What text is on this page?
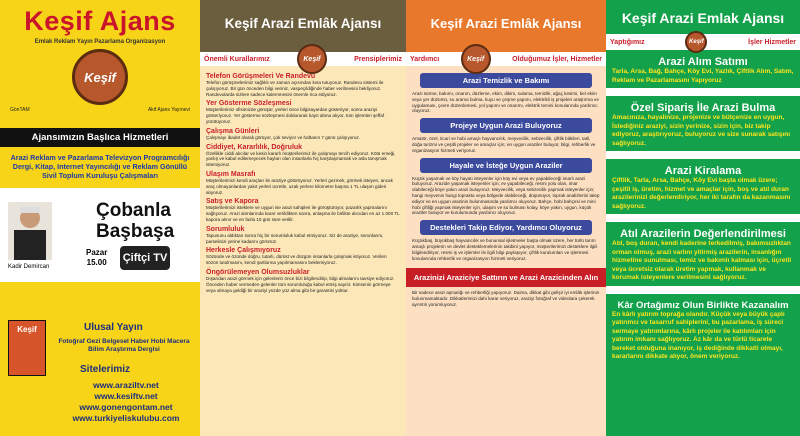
Keşif Ajans
Emlak Reklam Yayın Pazarlama Organizasyon
Keşif
GönTAM	Akif Ajans Yayınevi
Ajansımızın Başlıca Hizmetleri
Arazi Reklam ve Pazarlama Televizyon Programcılığı Dergi, Kitap, Internet Yayıncılığı ve Reklam Gönüllü Sivil Toplum Kuruluşu Çalışmaları
Çobanla Başbaşa
Pazar
15.00 Çiftçi TV
Kadir Demircan
Keşif	Ulusal Yayın
Fotoğraf Gezi Belgesel Haber Hobi Macera Bilim Araştırma Dergisi
Sitelerimiz
www.araziltv.net
www.kesiftv.net
www.gonengontam.net
www.turkiyeliskulubu.com
Keşif Arazi Emlâk Ajansı
Önemli Kurallarımız	Keşif	Prensiplerimiz
Telefon Görüşmeleri Ve Randevu
Telefon görüşmelerimiz sağlıklı ve zaman açısından kısa tutuyoruz. Randevu sistemi ile çalışıyoruz. Bir gün önceden bilgi veriniz, vaspeçildiğinde haber verilmesini bekliyoruz. Randevularda sizlere sadece kalemmesini önemle rica ediyoruz.
Yer Gösterme Sözleşmesi
Müşterilerimiz ofisimizde görüşür, yerleri önce bilgisayardan gösteriyor, sonra araziyi gösteriyoruz. Yer gösterme sözleşmesi doldurarak kayıt altına alıyor, tüm işlemleri şeffaf yürütüyoruz.
Çalışma Günleri
Çalışmayı ibadet olarak görüyor, çok seviyor ve haftanın 7 günü çalışıyoruz.
Ciddiyet, Kararlılık, Doğruluk
Özellikle ciddi alıcılar ve kesin kararlı müşterilerimiz ile çalışmayı tercih ediyoruz. Kötü emeği, yanlış ve kabul edilemeyecek hayları olan insanlarla hiç karşılaşmamak ve asla tanışmak istemiyoruz.
Ulaşım Masrafı
Müşterilerimizi kendi araçları ile araziye götürüyoruz. Yerleri gezmek, görmek isteyen, ancak araç olmayanlardan yakıt yerleri ücretle, uzak yerlere kilometre başına 1 TL ulaşım gideri alıyoruz.
Satış ve Kapora
Müşterilerimizi isteklere ve uygun ise arazi sahipleri ile görüştürüyor, pazarlık yapmalarını sağlıyoruz. Arazi alımlarında karar verildikten sonra, anlaşma ile birlikte alıcıdan en az 1.000 TL kapora alınır ve en fazla 10 gün süre verilir.
Sorumluluk
Tapusunu aldıktan sonra hiç bir sorumluluk kabul etmiyoruz. Siz de araziye, sorunlarını, parselinizi yerine kadarını görünüz.
Herkesle Çalışmıyoruz
Sözünde ve özünde doğru, tutarlı, dürüst ve düzgün insanlarla çalışmak istiyoruz. Verilen sözün tutulmasını, kendi şartlarına yapılmamasını beklemiyoruz.
Öngörülemeyen Olumsuzluklar
Dışarıdan arazi görmek için gelenlerin önce bizi bilgilendirip, bilgi almalarını tavsiye ediyoruz. Önceden haber vermeden gelenler tüm sorumluluğu kabul etmiş sayılır. Kimsenin görmeye veya almaya geldiği bir araziyi yüzde yüz alma gibi bir garantisi yoktur.
Keşif Arazi Emlâk Ajansı
Yardımcı	Keşif	Olduğumuz İşler, Hizmetler
Arazi Temizlik ve Bakımı
Arazi sürme, bakımı, onarım, düzleme, ekim, dikim, sulama, temizlik, ağaç kesimi, bel ekim veya yer düzümü, su arama bulma, kuyu ve çeşme yapımı, elektrikli iş projeleri araştırma ve uygulaması, çevre düzenlemesi, yol yapımı ve onarımı, elektrik temini konularında yardımcı oluyoruz.
Projeye Uygun Arazi Buluyoruz
Amatör, özel, ticari ve hobi amaçlı hayvancılık, meyvecilik, sebzecilik, çiftlik bitkileri, tatil, doğa turizmi ve çeşitli projeler ve amaçlar için; en uygun araziler buluyor, bilgi, rehberlik ve organizasyon hizmeti veriyoruz.
Hayale ve İsteğe Uygun Araziler
Küçük yaşamak ve köy hayatı isteyenler için köy evi veya ev yapabileceği imarlı arazi buluyoruz. Arazide yaşamak isteyenler için; ev yapabileceği, resmi yolu olan, imar olabileceği köye yakın arazi buluyoruz. Meyvecilik, veya sebzecilik yapmak isteyenler için; hangi meyvenin hangi toprakta veya bölgede olabileceği, düşünüyor, toprak analizlerini talep ediyor ve en uygun arazinin bulunmasında yardımcı oluyoruz. Bahçe, hobi bahçesi ve mini hobi çiftliği yapmak isteyenler için, ulaşım ve su bulması kolay, köye yakın, uygun, küçük araziler buluyor ve kurulumunda yardımcı oluyoruz.
Destekleri Takip Ediyor, Yardımcı Oluyoruz
Küçükbaş, büyükbaş hayvancılık ve bununsal işletmeler başta olmak üzere, her türlü tarım amaçlı projelerin ve devlet desteklemelerinin takibini yapıyor, müşterilerimizi desteklere ilgili bilgilendiriyor, resmi iş ve işlemler ile ilgili bilgi paylaşıyor, çiftlik kurulumları ve işletmesi konularında rehberlik ve organizasyon hizmeti veriyoruz.
Arazinizi Araziciye Sattırın ve Arazi Arazicinden Alın
Bir sadece arazi aşmalığı ve rehberliği yapıyoruz. Daima, dikkat gibi gelişir iyi emlâk işlerinin bulunmamaktadır. Dikkatlerimizi dahi karar veriyoruz, araziyi fotoğraf ve videolara çekerek ayrıntılı yorumluyoruz.
Keşif Arazi Emlak Ajansı
Yaptığımız	Keşif	İşler Hizmetler
Arazi Alım Satımı
Tarla, Arsa, Bağ, Bahçe, Köy Evi, Yazlık, Çiftlik Alım, Satım, Reklam ve Pazarlamasını Yapıyoruz
Özel Sipariş İle Arazi Bulma
Amacınıza, hayalinize, projenize ve bütçenize en uygun, İstediğiniz araziyi, sizin yerinize, sizin için, biz takip ediyoruz, araştırıyoruz, buluyoruz ve size sunarak satışını sağlıyoruz.
Arazi Kiralama
Çiftlik, Tarla, Arsa, Bahçe, Köy Evi başta olmak üzere; çeşitli iş, üretim, hizmet ve amaçlar için, boş ve atıl duran arazilerinizi değerlendiriyor, her iki tarafın da kazanmasını sağlıyoruz.
Atıl Arazilerin Değerlendirilmesi
Atıl, boş duran, kendi kaderine terkedilmiş, bakımsızlıktan orman olmuş, arazi varlını yitirmiş arazilerin, insanlığın hizmetine sunulması, temiz ve bakımlı kalması için, üçretli veya ücretsiz olarak üretim yapmak, kullanmak ve korumak isteyenlere verilmesini sağlıyoruz.
Kâr Ortağımız Olun Birlikte Kazanalım
En kârlı yatırım toprağa olandır. Küçük veya büyük çaplı yatırımcı ve tasarruf sahiplerini, bu pazarlama, iş süreci sermaye yatırımlarına, kârlı projeler ile katılımları için yatırım imkanı sağlıyoruz. Az kâr da ve türlü ticarete bereket olduğuna inanıyor, iş dediğinde dikkatli olmayı, kararlarını dikkate alıyor, önem veriyoruz.
